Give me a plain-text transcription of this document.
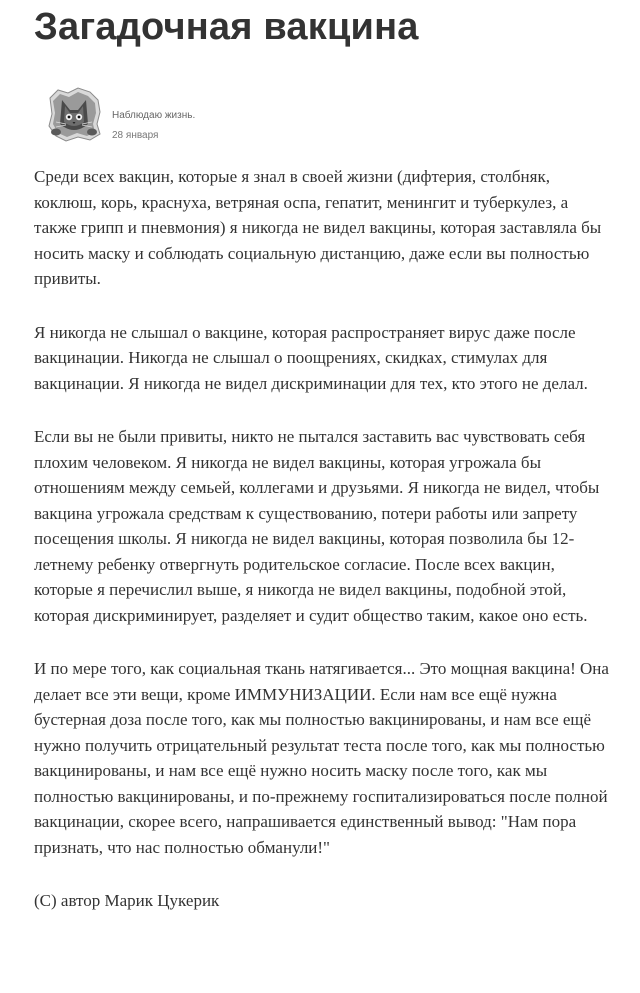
Загадочная вакцина
Наблюдаю жизнь.
28 января

Среди всех вакцин, которые я знал в своей жизни (дифтерия, столбняк, коклюш, корь, краснуха, ветряная оспа, гепатит, менингит и туберкулез, а также грипп и пневмония) я никогда не видел вакцины, которая заставляла бы носить маску и соблюдать социальную дистанцию, даже если вы полностью привиты.

Я никогда не слышал о вакцине, которая распространяет вирус даже после вакцинации. Никогда не слышал о поощрениях, скидках, стимулах для вакцинации. Я никогда не видел дискриминации для тех, кто этого не делал.

Если вы не были привиты, никто не пытался заставить вас чувствовать себя плохим человеком. Я никогда не видел вакцины, которая угрожала бы отношениям между семьей, коллегами и друзьями. Я никогда не видел, чтобы вакцина угрожала средствам к существованию, потери работы или запрету посещения школы. Я никогда не видел вакцины, которая позволила бы 12-летнему ребенку отвергнуть родительское согласие. После всех вакцин, которые я перечислил выше, я никогда не видел вакцины, подобной этой, которая дискриминирует, разделяет и судит общество таким, какое оно есть.

И по мере того, как социальная ткань натягивается... Это мощная вакцина! Она делает все эти вещи, кроме ИММУНИЗАЦИИ. Если нам все ещё нужна бустерная доза после того, как мы полностью вакцинированы, и нам все ещё нужно получить отрицательный результат теста после того, как мы полностью вакцинированы, и нам все ещё нужно носить маску после того, как мы полностью вакцинированы, и по-прежнему госпитализироваться после полной вакцинации, скорее всего, напрашивается единственный вывод: "Нам пора признать, что нас полностью обманули!"

(С) автор Марик Цукерик
